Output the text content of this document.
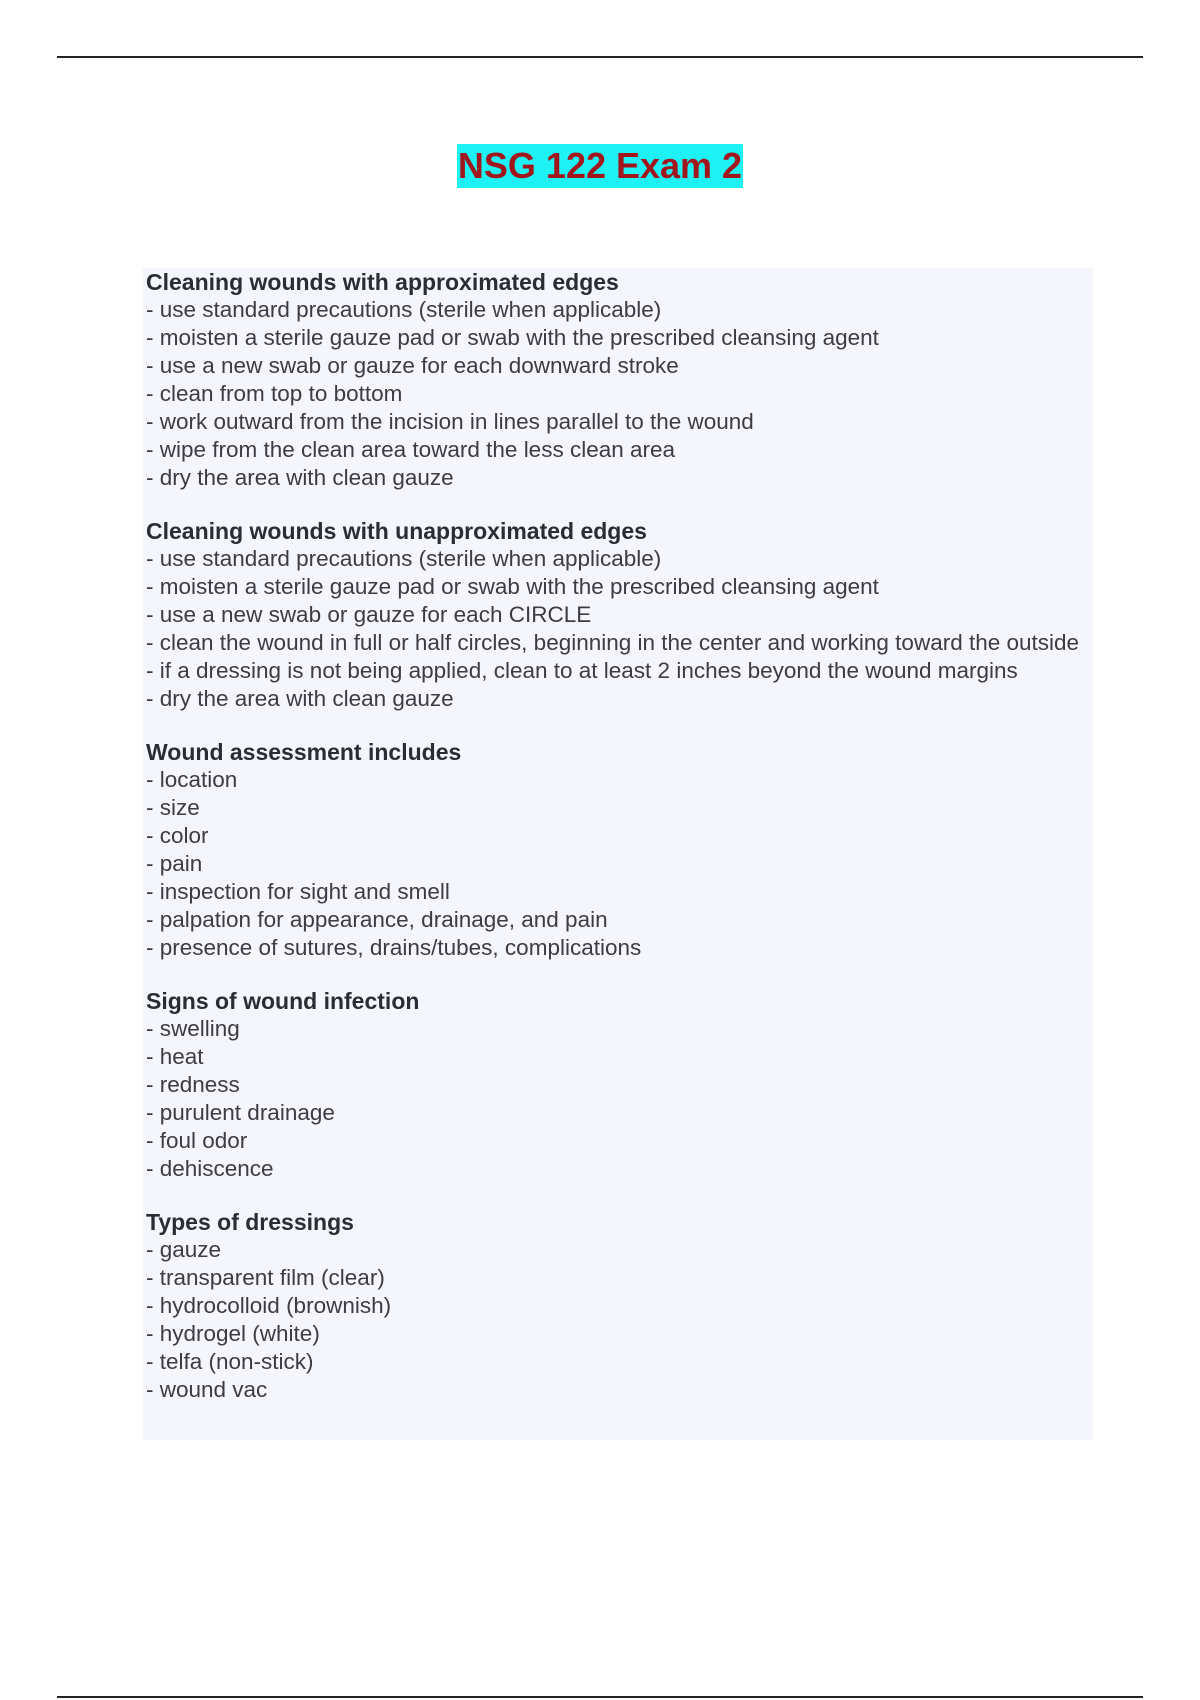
NSG 122 Exam 2
Cleaning wounds with approximated edges
- use standard precautions (sterile when applicable)
- moisten a sterile gauze pad or swab with the prescribed cleansing agent
- use a new swab or gauze for each downward stroke
- clean from top to bottom
- work outward from the incision in lines parallel to the wound
- wipe from the clean area toward the less clean area
- dry the area with clean gauze
Cleaning wounds with unapproximated edges
- use standard precautions (sterile when applicable)
- moisten a sterile gauze pad or swab with the prescribed cleansing agent
- use a new swab or gauze for each CIRCLE
- clean the wound in full or half circles, beginning in the center and working toward the outside
- if a dressing is not being applied, clean to at least 2 inches beyond the wound margins
- dry the area with clean gauze
Wound assessment includes
- location
- size
- color
- pain
- inspection for sight and smell
- palpation for appearance, drainage, and pain
- presence of sutures, drains/tubes, complications
Signs of wound infection
- swelling
- heat
- redness
- purulent drainage
- foul odor
- dehiscence
Types of dressings
- gauze
- transparent film (clear)
- hydrocolloid (brownish)
- hydrogel (white)
- telfa (non-stick)
- wound vac
